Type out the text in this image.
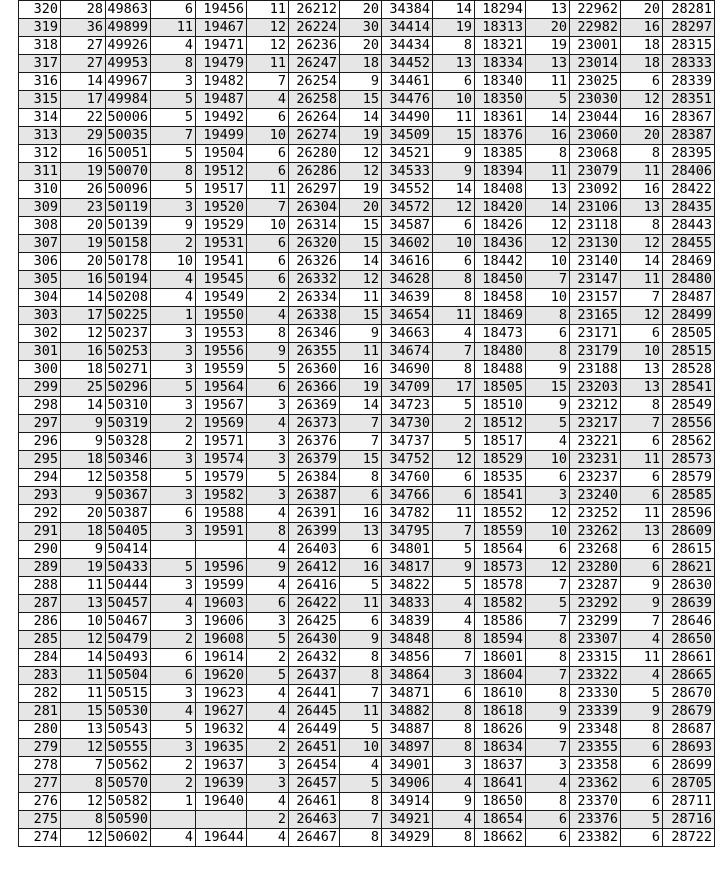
320	28	49863	6	19456	11	26212	20	34384	14	18294	13	22962	20	28281
319	36	49899	11	19467	12	26224	30	34414	19	18313	20	22982	16	28297
318	27	49926	4	19471	12	26236	20	34434	8	18321	19	23001	18	28315
317	27	49953	8	19479	11	26247	18	34452	13	18334	13	23014	18	28333
316	14	49967	3	19482	7	26254	9	34461	6	18340	11	23025	6	28339
315	17	49984	5	19487	4	26258	15	34476	10	18350	5	23030	12	28351
314	22	50006	5	19492	6	26264	14	34490	11	18361	14	23044	16	28367
313	29	50035	7	19499	10	26274	19	34509	15	18376	16	23060	20	28387
312	16	50051	5	19504	6	26280	12	34521	9	18385	8	23068	8	28395
311	19	50070	8	19512	6	26286	12	34533	9	18394	11	23079	11	28406
310	26	50096	5	19517	11	26297	19	34552	14	18408	13	23092	16	28422
309	23	50119	3	19520	7	26304	20	34572	12	18420	14	23106	13	28435
308	20	50139	9	19529	10	26314	15	34587	6	18426	12	23118	8	28443
307	19	50158	2	19531	6	26320	15	34602	10	18436	12	23130	12	28455
306	20	50178	10	19541	6	26326	14	34616	6	18442	10	23140	14	28469
305	16	50194	4	19545	6	26332	12	34628	8	18450	7	23147	11	28480
304	14	50208	4	19549	2	26334	11	34639	8	18458	10	23157	7	28487
303	17	50225	1	19550	4	26338	15	34654	11	18469	8	23165	12	28499
302	12	50237	3	19553	8	26346	9	34663	4	18473	6	23171	6	28505
301	16	50253	3	19556	9	26355	11	34674	7	18480	8	23179	10	28515
300	18	50271	3	19559	5	26360	16	34690	8	18488	9	23188	13	28528
299	25	50296	5	19564	6	26366	19	34709	17	18505	15	23203	13	28541
298	14	50310	3	19567	3	26369	14	34723	5	18510	9	23212	8	28549
297	9	50319	2	19569	4	26373	7	34730	2	18512	5	23217	7	28556
296	9	50328	2	19571	3	26376	7	34737	5	18517	4	23221	6	28562
295	18	50346	3	19574	3	26379	15	34752	12	18529	10	23231	11	28573
294	12	50358	5	19579	5	26384	8	34760	6	18535	6	23237	6	28579
293	9	50367	3	19582	3	26387	6	34766	6	18541	3	23240	6	28585
292	20	50387	6	19588	4	26391	16	34782	11	18552	12	23252	11	28596
291	18	50405	3	19591	8	26399	13	34795	7	18559	10	23262	13	28609
290	9	50414			4	26403	6	34801	5	18564	6	23268	6	28615
289	19	50433	5	19596	9	26412	16	34817	9	18573	12	23280	6	28621
288	11	50444	3	19599	4	26416	5	34822	5	18578	7	23287	9	28630
287	13	50457	4	19603	6	26422	11	34833	4	18582	5	23292	9	28639
286	10	50467	3	19606	3	26425	6	34839	4	18586	7	23299	7	28646
285	12	50479	2	19608	5	26430	9	34848	8	18594	8	23307	4	28650
284	14	50493	6	19614	2	26432	8	34856	7	18601	8	23315	11	28661
283	11	50504	6	19620	5	26437	8	34864	3	18604	7	23322	4	28665
282	11	50515	3	19623	4	26441	7	34871	6	18610	8	23330	5	28670
281	15	50530	4	19627	4	26445	11	34882	8	18618	9	23339	9	28679
280	13	50543	5	19632	4	26449	5	34887	8	18626	9	23348	8	28687
279	12	50555	3	19635	2	26451	10	34897	8	18634	7	23355	6	28693
278	7	50562	2	19637	3	26454	4	34901	3	18637	3	23358	6	28699
277	8	50570	2	19639	3	26457	5	34906	4	18641	4	23362	6	28705
276	12	50582	1	19640	4	26461	8	34914	9	18650	8	23370	6	28711
275	8	50590			2	26463	7	34921	4	18654	6	23376	5	28716
274	12	50602	4	19644	4	26467	8	34929	8	18662	6	23382	6	28722
